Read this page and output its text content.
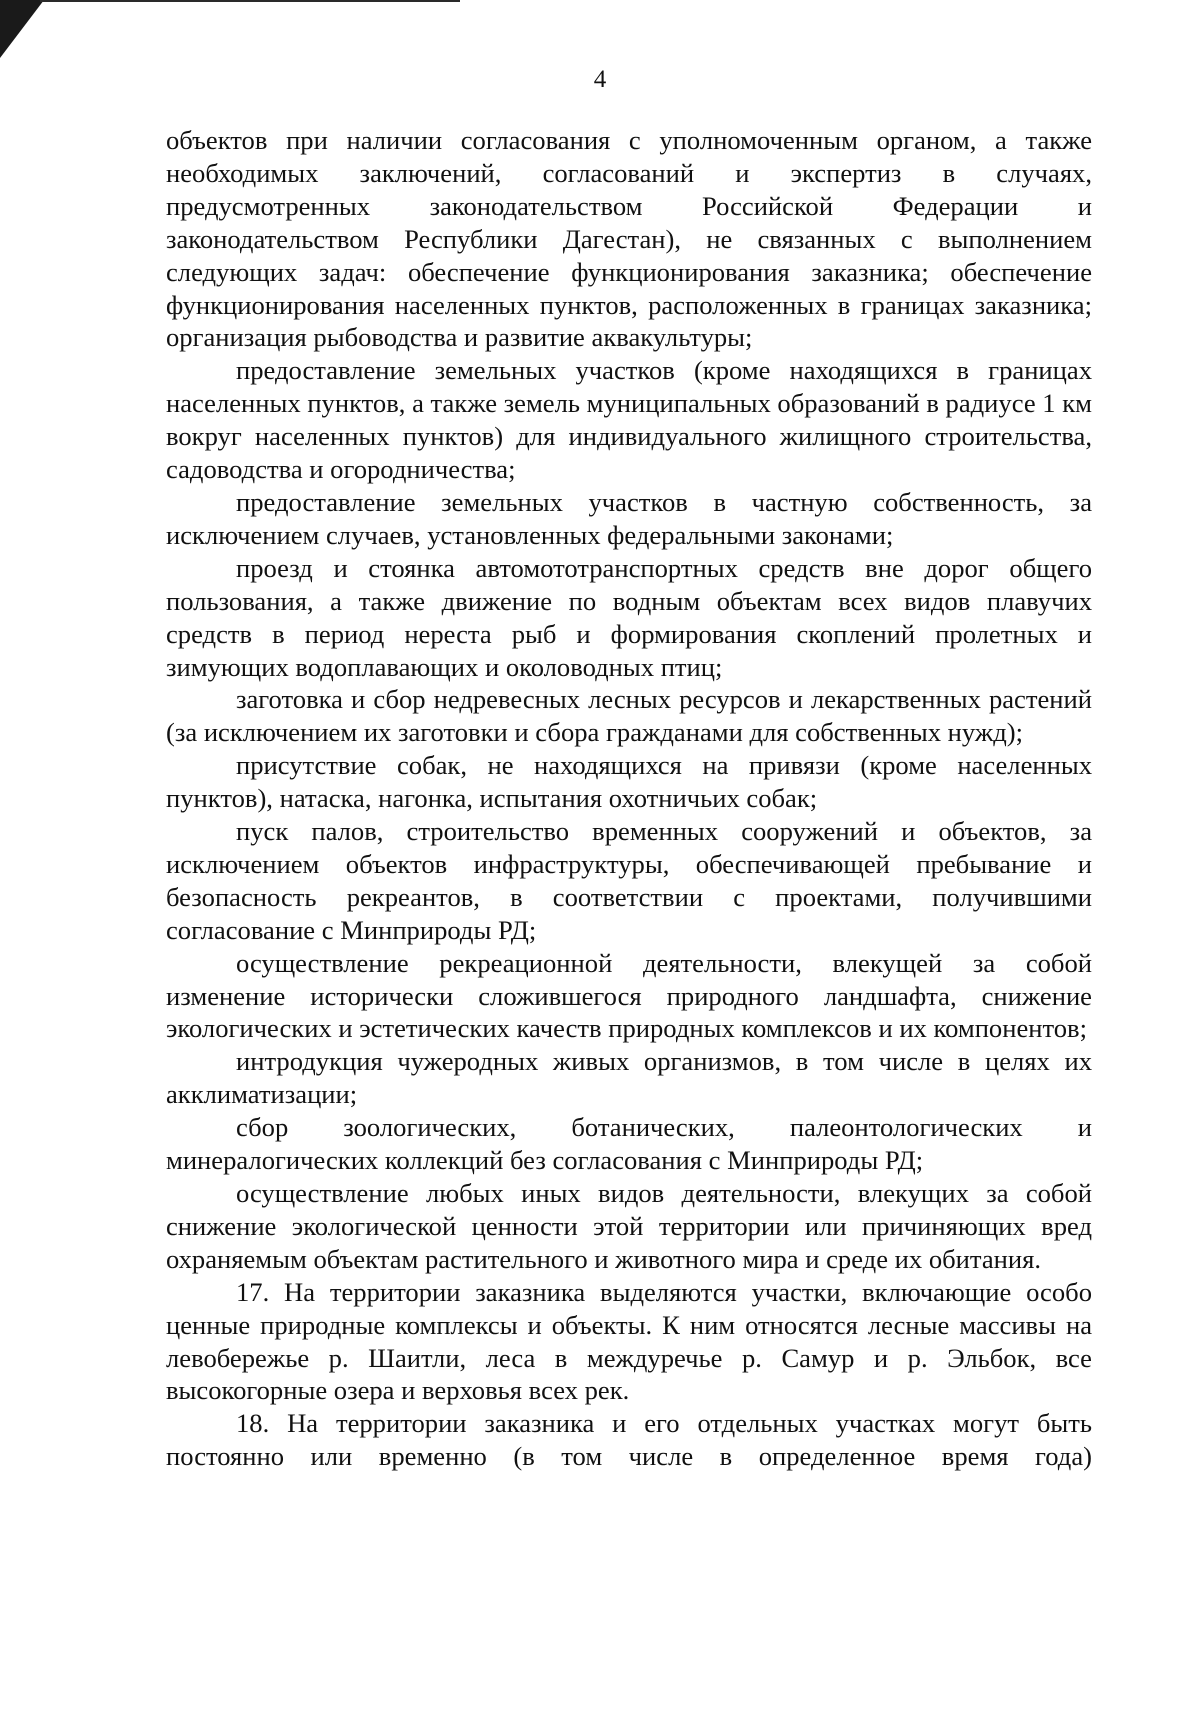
4

объектов при наличии согласования с уполномоченным органом, а также необходимых заключений, согласований и экспертиз в случаях, предусмотренных законодательством Российской Федерации и законодательством Республики Дагестан), не связанных с выполнением следующих задач: обеспечение функционирования заказника; обеспечение функционирования населенных пунктов, расположенных в границах заказника; организация рыбоводства и развитие аквакультуры;

предоставление земельных участков (кроме находящихся в границах населенных пунктов, а также земель муниципальных образований в радиусе 1 км вокруг населенных пунктов) для индивидуального жилищного строительства, садоводства и огородничества;

предоставление земельных участков в частную собственность, за исключением случаев, установленных федеральными законами;

проезд и стоянка автомототранспортных средств вне дорог общего пользования, а также движение по водным объектам всех видов плавучих средств в период нереста рыб и формирования скоплений пролетных и зимующих водоплавающих и околоводных птиц;

заготовка и сбор недревесных лесных ресурсов и лекарственных растений (за исключением их заготовки и сбора гражданами для собственных нужд);

присутствие собак, не находящихся на привязи (кроме населенных пунктов), натаска, нагонка, испытания охотничьих собак;

пуск палов, строительство временных сооружений и объектов, за исключением объектов инфраструктуры, обеспечивающей пребывание и безопасность рекреантов, в соответствии с проектами, получившими согласование с Минприроды РД;

осуществление рекреационной деятельности, влекущей за собой изменение исторически сложившегося природного ландшафта, снижение экологических и эстетических качеств природных комплексов и их компонентов;

интродукция чужеродных живых организмов, в том числе в целях их акклиматизации;

сбор зоологических, ботанических, палеонтологических и минералогических коллекций без согласования с Минприроды РД;

осуществление любых иных видов деятельности, влекущих за собой снижение экологической ценности этой территории или причиняющих вред охраняемым объектам растительного и животного мира и среде их обитания.

17. На территории заказника выделяются участки, включающие особо ценные природные комплексы и объекты. К ним относятся лесные массивы на левобережье р. Шаитли, леса в междуречье р. Самур и р. Эльбок, все высокогорные озера и верховья всех рек.

18. На территории заказника и его отдельных участках могут быть постоянно или временно (в том числе в определенное время года)
